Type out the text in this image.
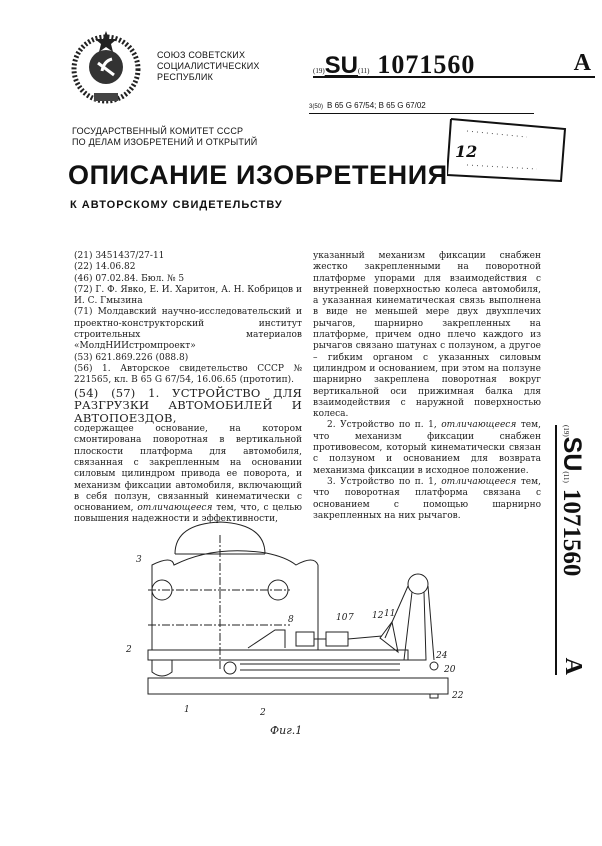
СОЮЗ СОВЕТСКИХ
СОЦИАЛИСТИЧЕСКИХ
РЕСПУБЛИК
(19)SU(11) 1071560	A
3(50) B 65 G 67/54; B 65 G 67/02
12
ГОСУДАРСТВЕННЫЙ КОМИТЕТ СССР
ПО ДЕЛАМ ИЗОБРЕТЕНИЙ И ОТКРЫТИЙ
ОПИСАНИЕ ИЗОБРЕТЕНИЯ
К АВТОРСКОМУ СВИДЕТЕЛЬСТВУ

(21) 3451437/27-11

(22) 14.06.82

(46) 07.02.84. Бюл. № 5

(72) Г. Ф. Явко, Е. И. Харитон, А. Н. Кобрицов и И. С. Гмызина

(71) Молдавский научно-исследовательский и проектно-конструкторский институт строительных материалов «МолдНИИстромпроект»

(53) 621.869.226 (088.8)

(56) 1. Авторское свидетельство СССР № 221565, кл. B 65 G 67/54, 16.06.65 (прототип).

(54) (57) 1. УСТРОЙСТВО ДЛЯ РАЗГРУЗКИ АВТОМОБИЛЕЙ И АВТОПОЕЗДОВ,

содержащее основание, на котором смонтирована поворотная в вертикальной плоскости платформа для автомобиля, связанная с закрепленным на основании силовым цилиндром привода ее поворота, и механизм фиксации автомобиля, включающий в себя ползун, связанный кинематически с основанием, отличающееся тем, что, с целью повышения надежности и эффективности,

указанный механизм фиксации снабжен жестко закрепленными на поворотной платформе упорами для взаимодействия с внутренней поверхностью колеса автомобиля, а указанная кинематическая связь выполнена в виде не меньшей мере двух двухплечих рычагов, шарнирно закрепленных на платформе, причем одно плечо каждого из рычагов связано шатунах с ползуном, а другое – гибким органом с указанных силовым цилиндром и основанием, при этом на ползуне шарнирно закреплена поворотная вокруг вертикальной оси прижимная балка для взаимодействия с наружной поверхностью колеса.

2. Устройство по п. 1, отличающееся тем, что механизм фиксации снабжен противовесом, который кинематически связан с ползуном и основанием для возврата механизма фиксации в исходное положение.

3. Устройство по п. 1, отличающееся тем, что поворотная платформа связана с основанием с помощью шарнирно закрепленных на них рычагов.

(19)SU(11)1071560
A
3
8	10 7 12 11
24
20
22
2
2
1
Фиг.1
